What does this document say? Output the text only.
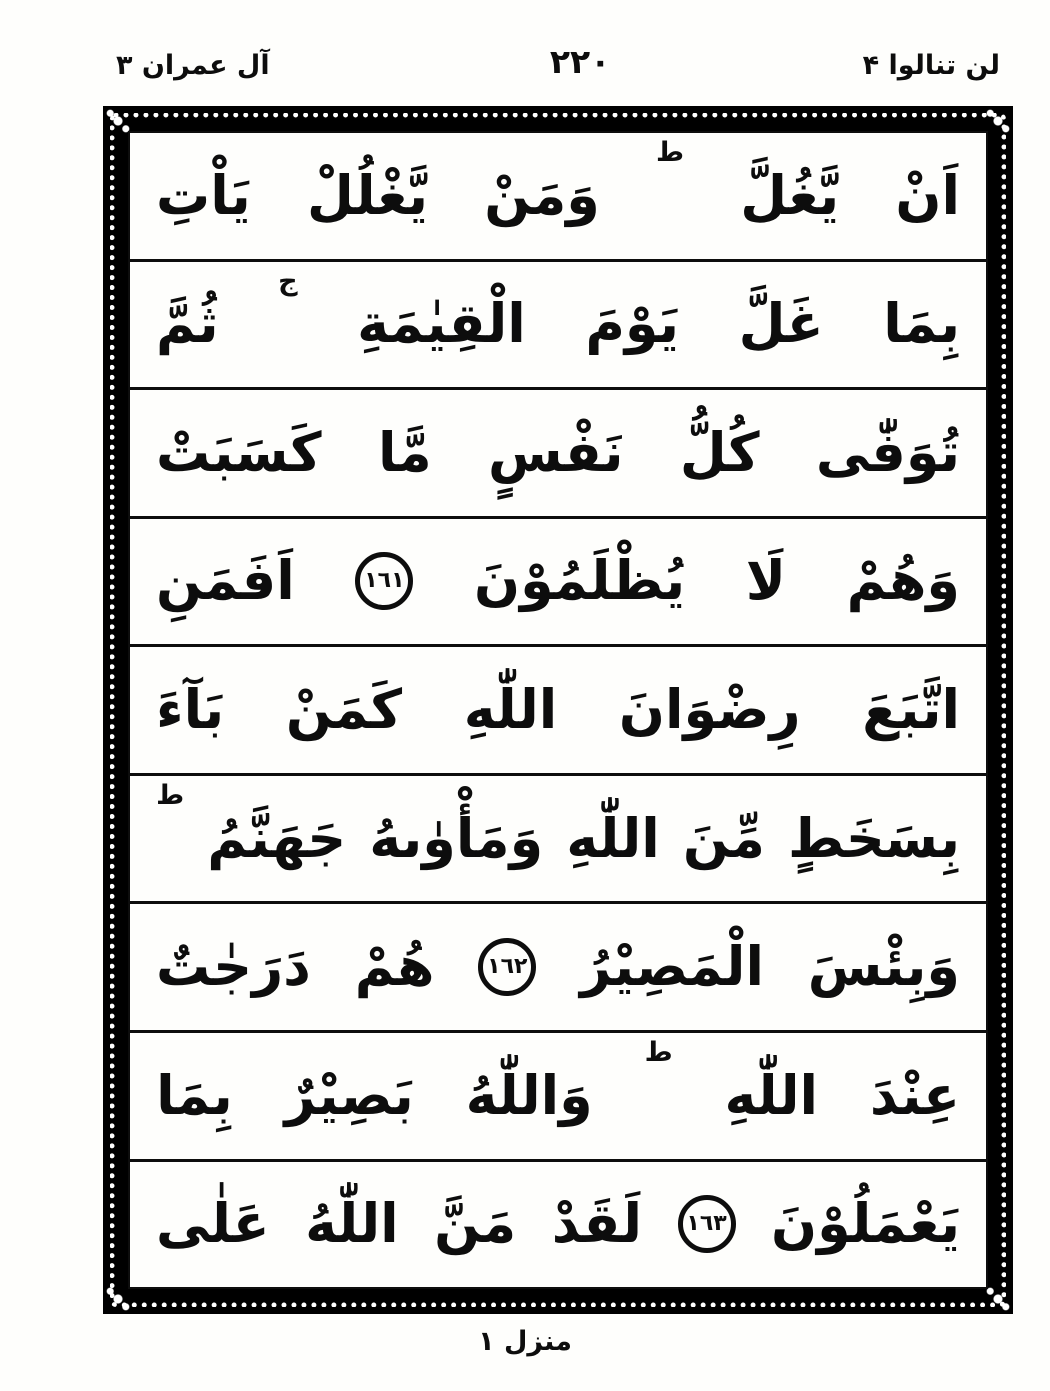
آل عمران ٣	٢٢٠	لن تنالوا ۴
اَنْ
يَّغُلَّ
ط
وَمَنْ
يَّغْلُلْ
يَاْتِ
بِمَا
غَلَّ
يَوْمَ
الْقِيٰمَةِ
ج
ثُمَّ
تُوَفّٰى
كُلُّ
نَفْسٍ
مَّا
كَسَبَتْ
وَهُمْ
لَا
يُظْلَمُوْنَ
١٦١
اَفَمَنِ
اتَّبَعَ
رِضْوَانَ
اللّٰهِ
كَمَنْ
بَآءَ
بِسَخَطٍ
مِّنَ
اللّٰهِ
وَمَأْوٰىهُ
جَهَنَّمُ
ط
وَبِئْسَ
الْمَصِيْرُ
١٦٢
هُمْ
دَرَجٰتٌ
عِنْدَ
اللّٰهِ
ط
وَاللّٰهُ
بَصِيْرٌ
بِمَا
يَعْمَلُوْنَ
١٦٣
لَقَدْ
مَنَّ
اللّٰهُ
عَلٰى
منزل ١
